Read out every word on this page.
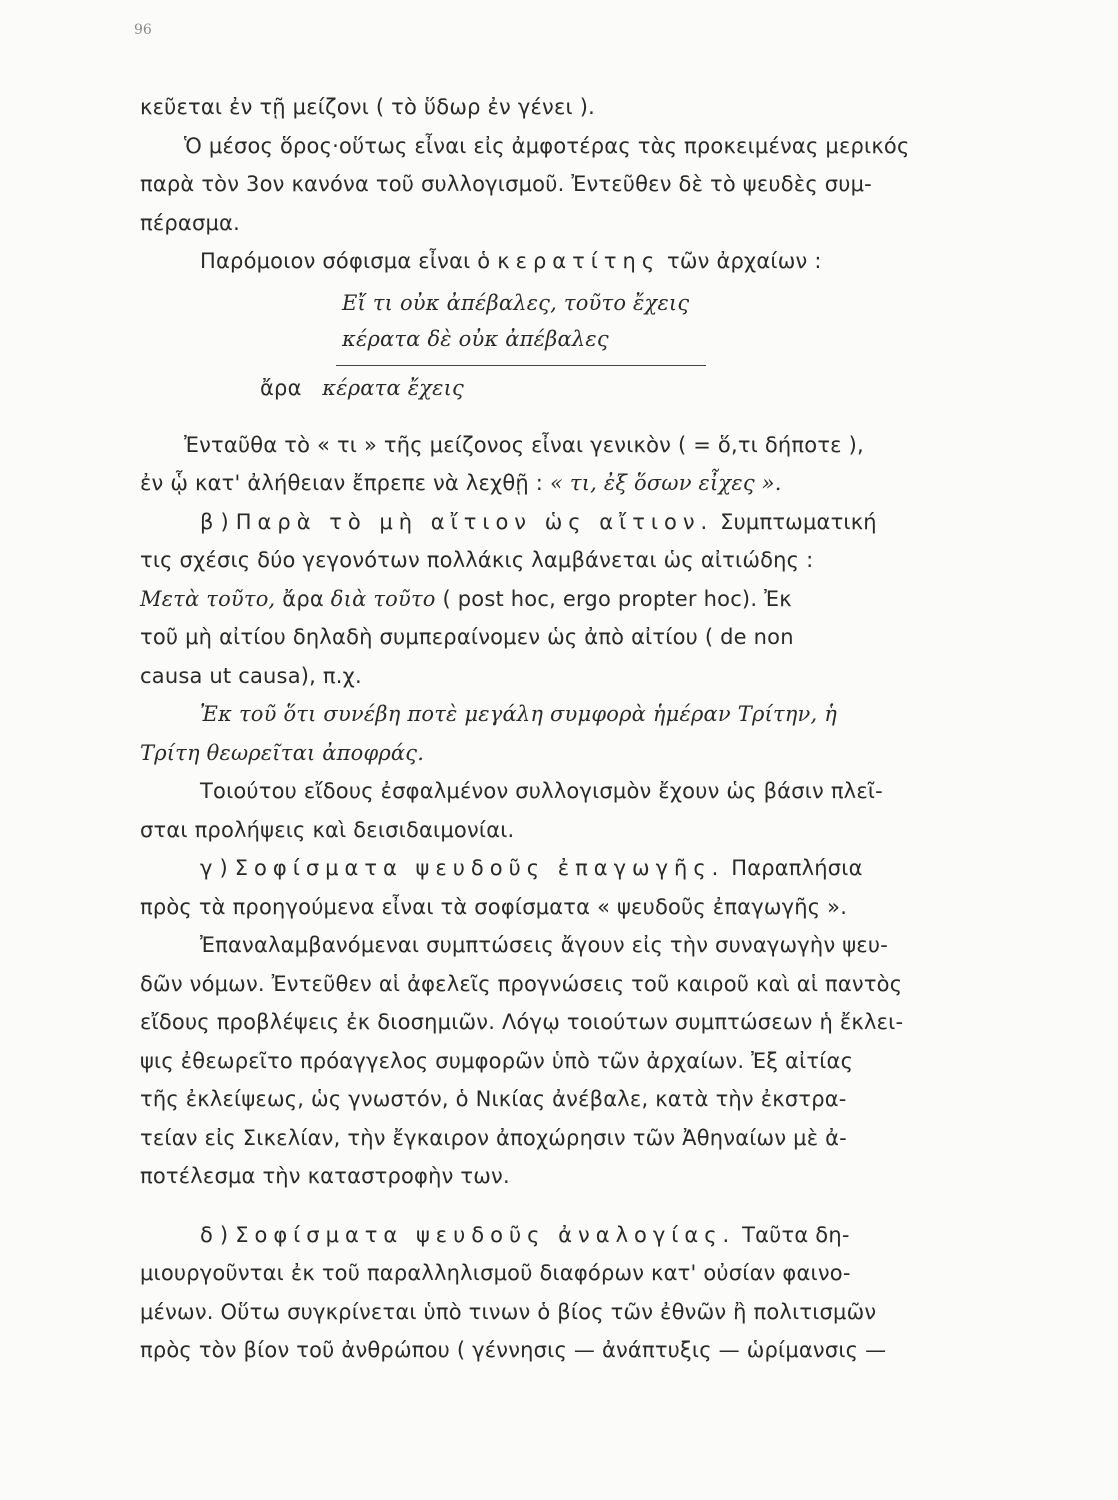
96
κεῦεται ἐν τῇ μείζονι ( τὸ ὕδωρ ἐν γένει ).
Ὁ μέσος ὅρος·οὕτως εἶναι εἰς ἀμφοτέρας τὰς προκειμένας μερικός
παρὰ τὸν 3ον κανόνα τοῦ συλλογισμοῦ. Ἐντεῦθεν δὲ τὸ ψευδὲς συμ-
πέρασμα.
Παρόμοιον σόφισμα εἶναι ὁ κερατίτης τῶν ἀρχαίων :
Εἴ τι οὐκ ἀπέβαλες, τοῦτο ἔχεις
κέρατα δὲ οὐκ ἀπέβαλες
ἄρα κέρατα ἔχεις
Ἐνταῦθα τὸ « τι » τῆς μείζονος εἶναι γενικὸν ( = ὅ,τι δήποτε ),
ἐν ᾧ κατ' ἀλήθειαν ἔπρεπε νὰ λεχθῇ : « τι, ἐξ ὅσων εἶχες ».
β ) Παρὰ τὸ μὴ αἴτιον ὡς αἴτιον. Συμπτωματική
τις σχέσις δύο γεγονότων πολλάκις λαμβάνεται ὡς αἰτιώδης :
Μετὰ τοῦτο, ἄρα διὰ τοῦτο ( post hoc, ergo propter hoc). Ἐκ
τοῦ μὴ αἰτίου δηλαδὴ συμπεραίνομεν ὡς ἀπὸ αἰτίου ( de non
causa ut causa), π.χ.
Ἐκ τοῦ ὅτι συνέβη ποτὲ μεγάλη συμφορὰ ἡμέραν Τρίτην, ἡ
Τρίτη θεωρεῖται ἀποφράς.
Τοιούτου εἴδους ἐσφαλμένον συλλογισμὸν ἔχουν ὡς βάσιν πλεῖ-
σται προλήψεις καὶ δεισιδαιμονίαι.
γ ) Σοφίσματα ψευδοῦς ἐπαγωγῆς. Παραπλήσια
πρὸς τὰ προηγούμενα εἶναι τὰ σοφίσματα « ψευδοῦς ἐπαγωγῆς ».
Ἐπαναλαμβανόμεναι συμπτώσεις ἄγουν εἰς τὴν συναγωγὴν ψευ-
δῶν νόμων. Ἐντεῦθεν αἱ ἀφελεῖς προγνώσεις τοῦ καιροῦ καὶ αἱ παντὸς
εἴδους προβλέψεις ἐκ διοσημιῶν. Λόγῳ τοιούτων συμπτώσεων ἡ ἔκλει-
ψις ἐθεωρεῖτο πρόαγγελος συμφορῶν ὑπὸ τῶν ἀρχαίων. Ἐξ αἰτίας
τῆς ἐκλείψεως, ὡς γνωστόν, ὁ Νικίας ἀνέβαλε, κατὰ τὴν ἐκστρα-
τείαν εἰς Σικελίαν, τὴν ἔγκαιρον ἀποχώρησιν τῶν Ἀθηναίων μὲ ἀ-
ποτέλεσμα τὴν καταστροφὴν των.
δ ) Σοφίσματα ψευδοῦς ἀναλογίας. Ταῦτα δη-
μιουργοῦνται ἐκ τοῦ παραλληλισμοῦ διαφόρων κατ' οὐσίαν φαινο-
μένων. Οὕτω συγκρίνεται ὑπὸ τινων ὁ βίος τῶν ἐθνῶν ἢ πολιτισμῶν
πρὸς τὸν βίον τοῦ ἀνθρώπου ( γέννησις — ἀνάπτυξις — ὡρίμανσις —
